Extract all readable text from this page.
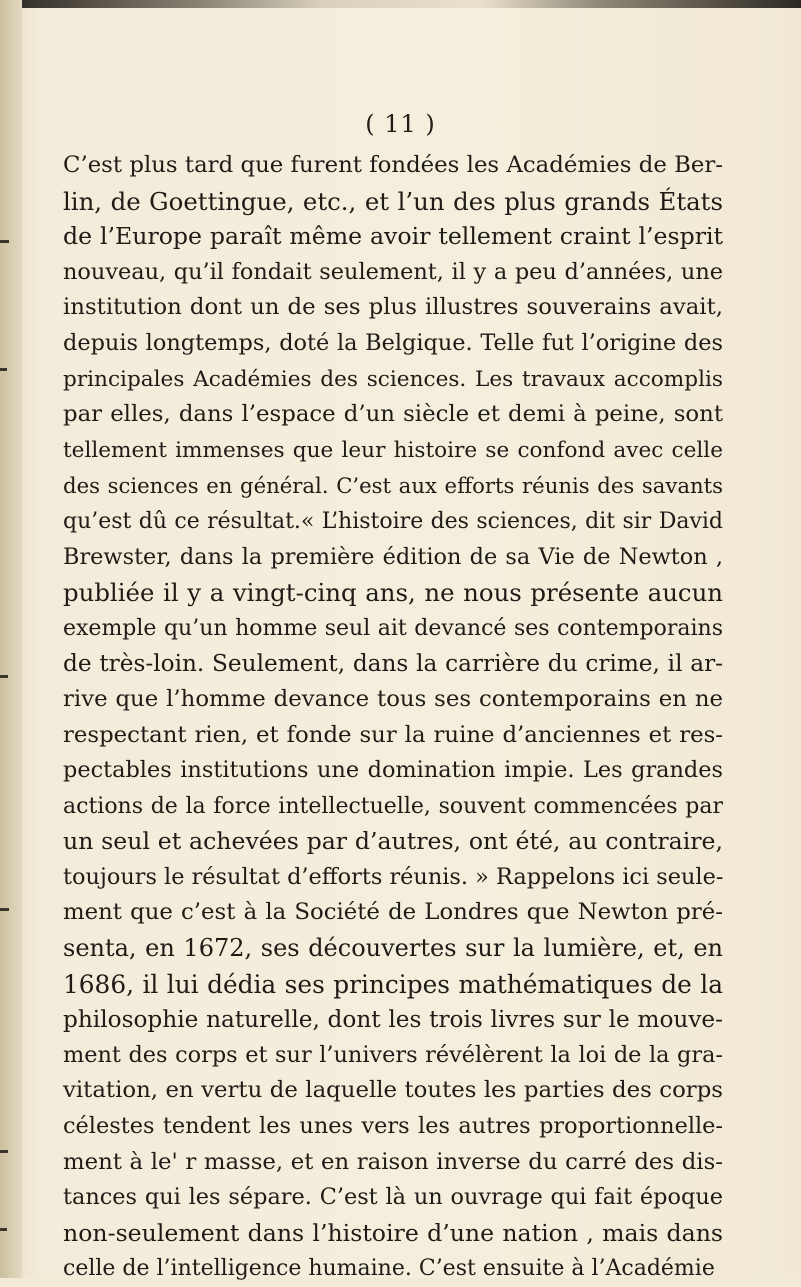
( 11 )
C’est plus tard que furent fondées les Académies de Ber-
lin, de Goettingue, etc., et l’un des plus grands États
de l’Europe paraît même avoir tellement craint l’esprit
nouveau, qu’il fondait seulement, il y a peu d’années, une
institution dont un de ses plus illustres souverains avait,
depuis longtemps, doté la Belgique. Telle fut l’origine des
principales Académies des sciences. Les travaux accomplis
par elles, dans l’espace d’un siècle et demi à peine, sont
tellement immenses que leur histoire se confond avec celle
des sciences en général. C’est aux efforts réunis des savants
qu’est dû ce résultat.« L’histoire des sciences, dit sir David
Brewster, dans la première édition de sa Vie de Newton ,
publiée il y a vingt-cinq ans, ne nous présente aucun
exemple qu’un homme seul ait devancé ses contemporains
de très-loin. Seulement, dans la carrière du crime, il ar-
rive que l’homme devance tous ses contemporains en ne
respectant rien, et fonde sur la ruine d’anciennes et res-
pectables institutions une domination impie. Les grandes
actions de la force intellectuelle, souvent commencées par
un seul et achevées par d’autres, ont été, au contraire,
toujours le résultat d’efforts réunis. » Rappelons ici seule-
ment que c’est à la Société de Londres que Newton pré-
senta, en 1672, ses découvertes sur la lumière, et, en
1686, il lui dédia ses principes mathématiques de la
philosophie naturelle, dont les trois livres sur le mouve-
ment des corps et sur l’univers révélèrent la loi de la gra-
vitation, en vertu de laquelle toutes les parties des corps
célestes tendent les unes vers les autres proportionnelle-
ment à le' r masse, et en raison inverse du carré des dis-
tances qui les sépare. C’est là un ouvrage qui fait époque
non-seulement dans l’histoire d’une nation , mais dans
celle de l’intelligence humaine. C’est ensuite à l’Académie
